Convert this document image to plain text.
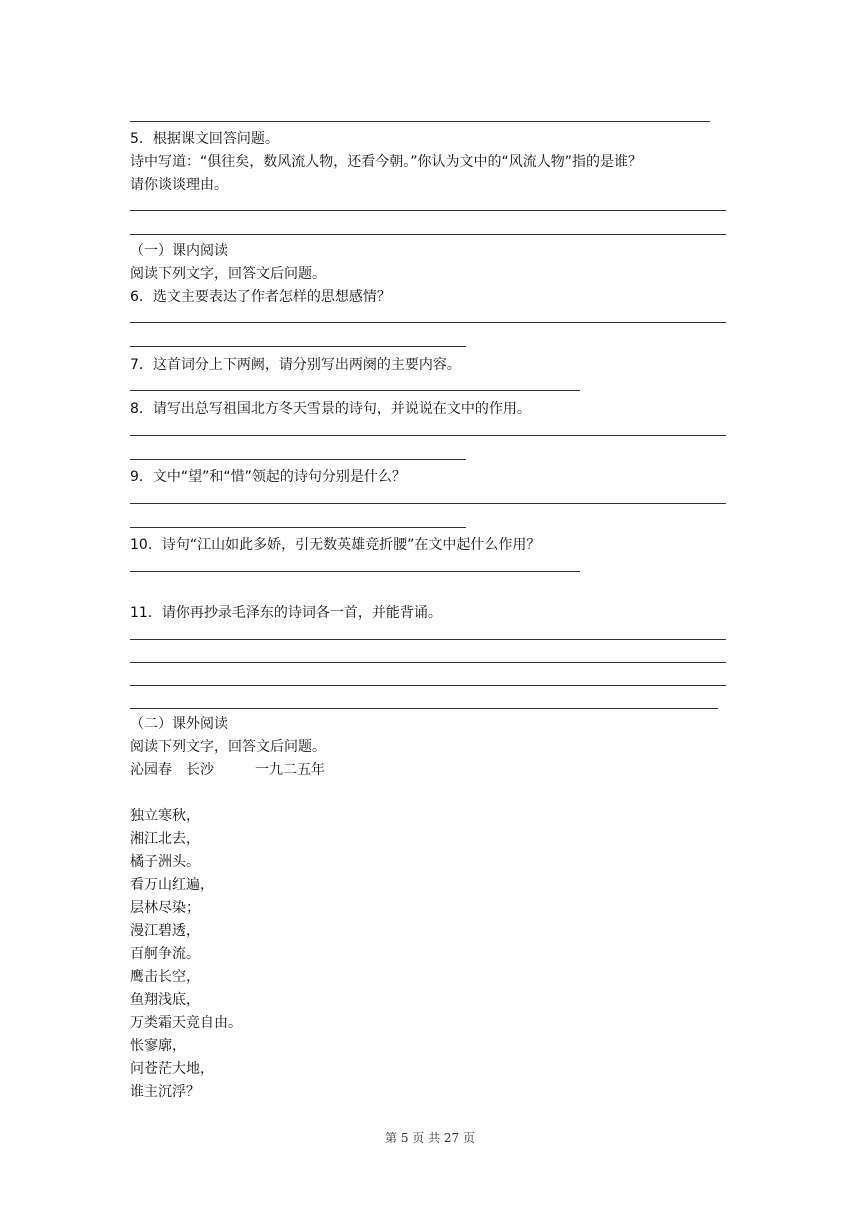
5．根据课文回答问题。
诗中写道：“俱往矣，数风流人物，还看今朝。”你认为文中的“风流人物”指的是谁？
请你谈谈理由。
（一）课内阅读
阅读下列文字，回答文后问题。
6．选文主要表达了作者怎样的思想感情？
7．这首词分上下两阙，请分别写出两阕的主要内容。
8．请写出总写祖国北方冬天雪景的诗句，并说说在文中的作用。
9．文中“望”和“惜”领起的诗句分别是什么？
10．诗句“江山如此多娇，引无数英雄竞折腰”在文中起什么作用？
11．请你再抄录毛泽东的诗词各一首，并能背诵。
（二）课外阅读
阅读下列文字，回答文后问题。
沁园春　长沙	一九二五年
独立寒秋，
湘江北去，
橘子洲头。
看万山红遍，
层林尽染；
漫江碧透，
百舸争流。
鹰击长空，
鱼翔浅底，
万类霜天竞自由。
怅寥廓，
问苍茫大地，
谁主沉浮？
第 5 页 共 27 页
